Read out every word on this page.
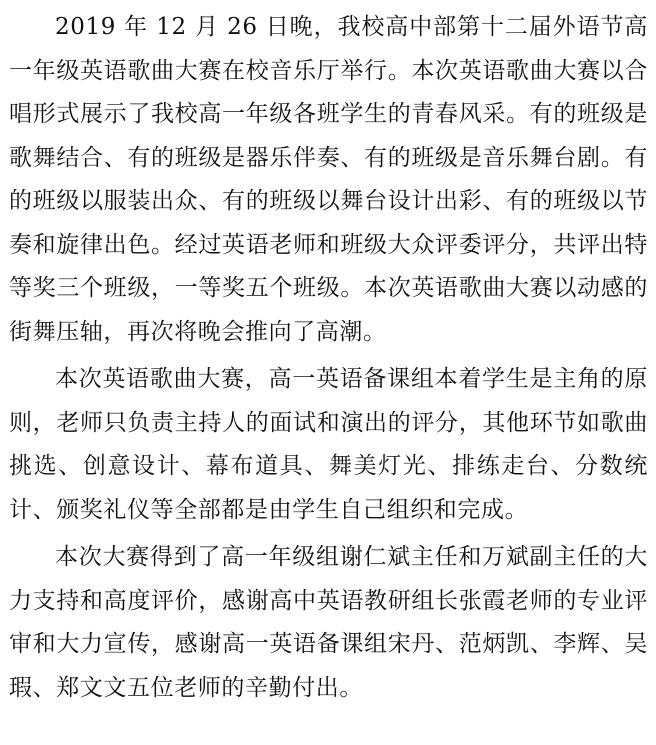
2019 年 12 月 26 日晚，我校高中部第十二届外语节高一年级英语歌曲大赛在校音乐厅举行。本次英语歌曲大赛以合唱形式展示了我校高一年级各班学生的青春风采。有的班级是歌舞结合、有的班级是器乐伴奏、有的班级是音乐舞台剧。有的班级以服装出众、有的班级以舞台设计出彩、有的班级以节奏和旋律出色。经过英语老师和班级大众评委评分，共评出特等奖三个班级，一等奖五个班级。本次英语歌曲大赛以动感的街舞压轴，再次将晚会推向了高潮。

本次英语歌曲大赛，高一英语备课组本着学生是主角的原则，老师只负责主持人的面试和演出的评分，其他环节如歌曲挑选、创意设计、幕布道具、舞美灯光、排练走台、分数统计、颁奖礼仪等全部都是由学生自己组织和完成。

本次大赛得到了高一年级组谢仁斌主任和万斌副主任的大力支持和高度评价，感谢高中英语教研组长张霞老师的专业评审和大力宣传，感谢高一英语备课组宋丹、范炳凯、李辉、吴瑕、郑文文五位老师的辛勤付出。
